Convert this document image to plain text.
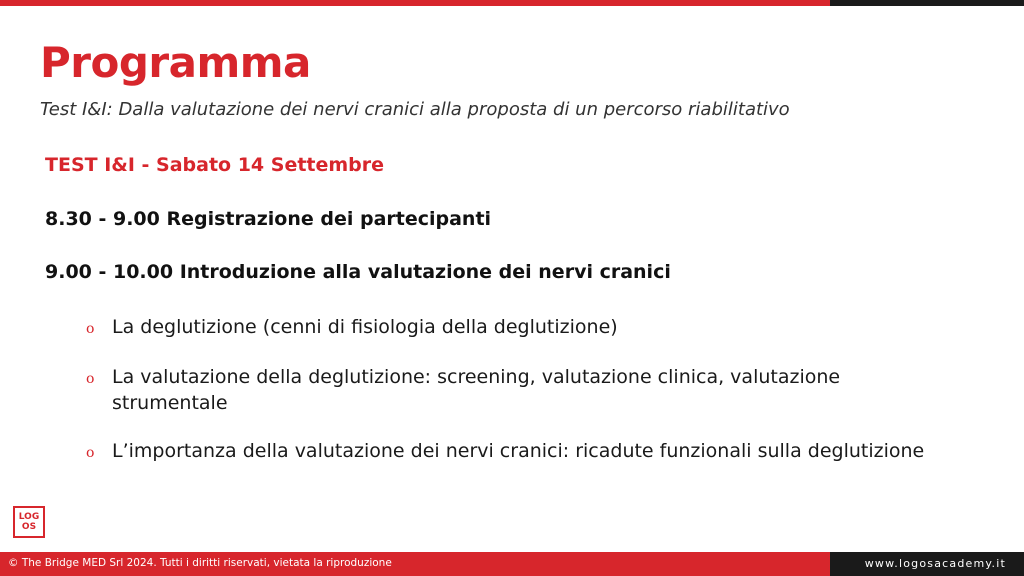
Programma
Test I&I: Dalla valutazione dei nervi cranici alla proposta di un percorso riabilitativo
TEST I&I - Sabato 14 Settembre
8.30 - 9.00 Registrazione dei partecipanti
9.00 - 10.00 Introduzione alla valutazione dei nervi cranici
o La deglutizione (cenni di fisiologia della deglutizione)
o La valutazione della deglutizione: screening, valutazione clinica, valutazione strumentale
o L’importanza della valutazione dei nervi cranici: ricadute funzionali sulla deglutizione
LOG
OS
© The Bridge MED Srl 2024. Tutti i diritti riservati, vietata la riproduzione	www.logosacademy.it
